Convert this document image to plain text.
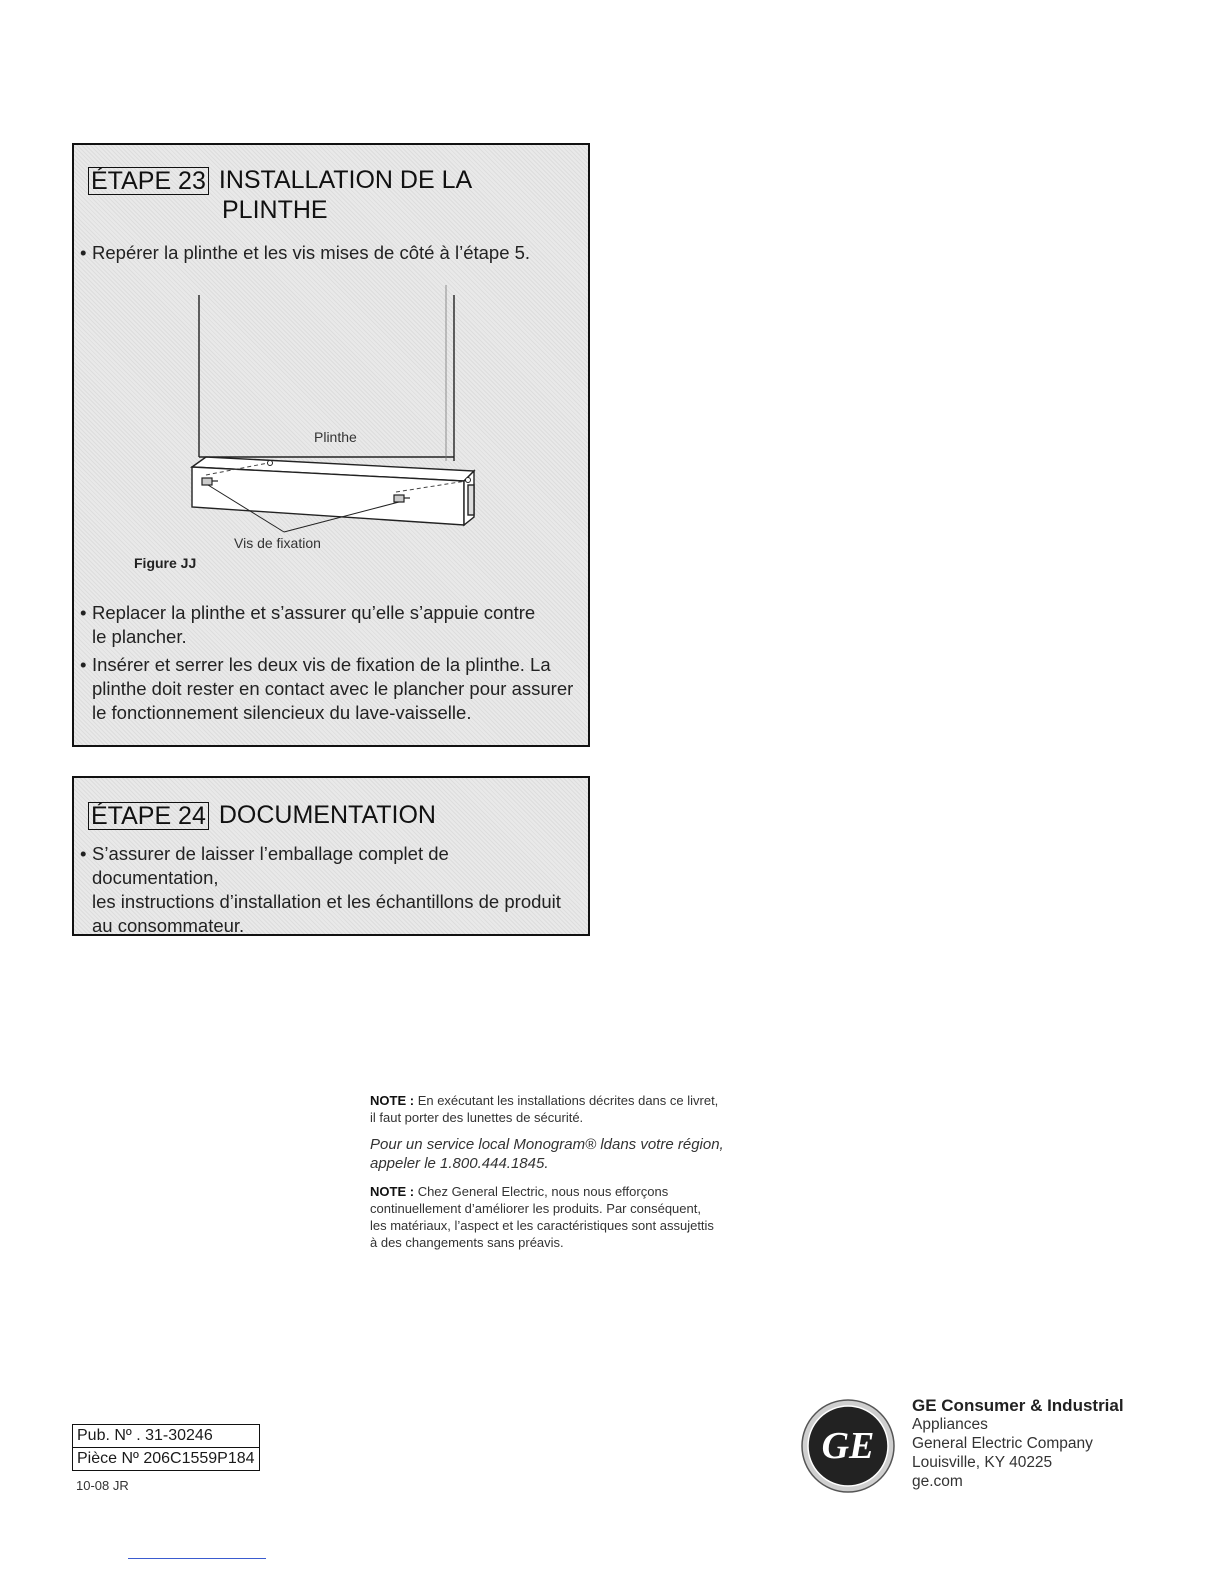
ÉTAPE 23 INSTALLATION DE LA
PLINTHE
• Repérer la plinthe et les vis mises de côté à l’étape 5.
Plinthe
Vis de fixation
Figure JJ
• Replacer la plinthe et s’assurer qu’elle s’appuie contre
le plancher.
• Insérer et serrer les deux vis de fixation de la plinthe. La
plinthe doit rester en contact avec le plancher pour assurer
le fonctionnement silencieux du lave-vaisselle.
ÉTAPE 24 DOCUMENTATION
• S’assurer de laisser l’emballage complet de documentation,
les instructions d’installation et les échantillons de produit
au consommateur.
NOTE : En exécutant les installations décrites dans ce livret,
il faut porter des lunettes de sécurité.
Pour un service local Monogram® ldans votre région,
appeler le 1.800.444.1845.
NOTE : Chez General Electric, nous nous efforçons
continuellement d’améliorer les produits. Par conséquent,
les matériaux, l’aspect et les caractéristiques sont assujettis
à des changements sans préavis.
Pub. Nº . 31-30246
Pièce Nº 206C1559P184
10-08 JR
GE
GE Consumer & Industrial
Appliances
General Electric Company
Louisville, KY 40225
ge.com
